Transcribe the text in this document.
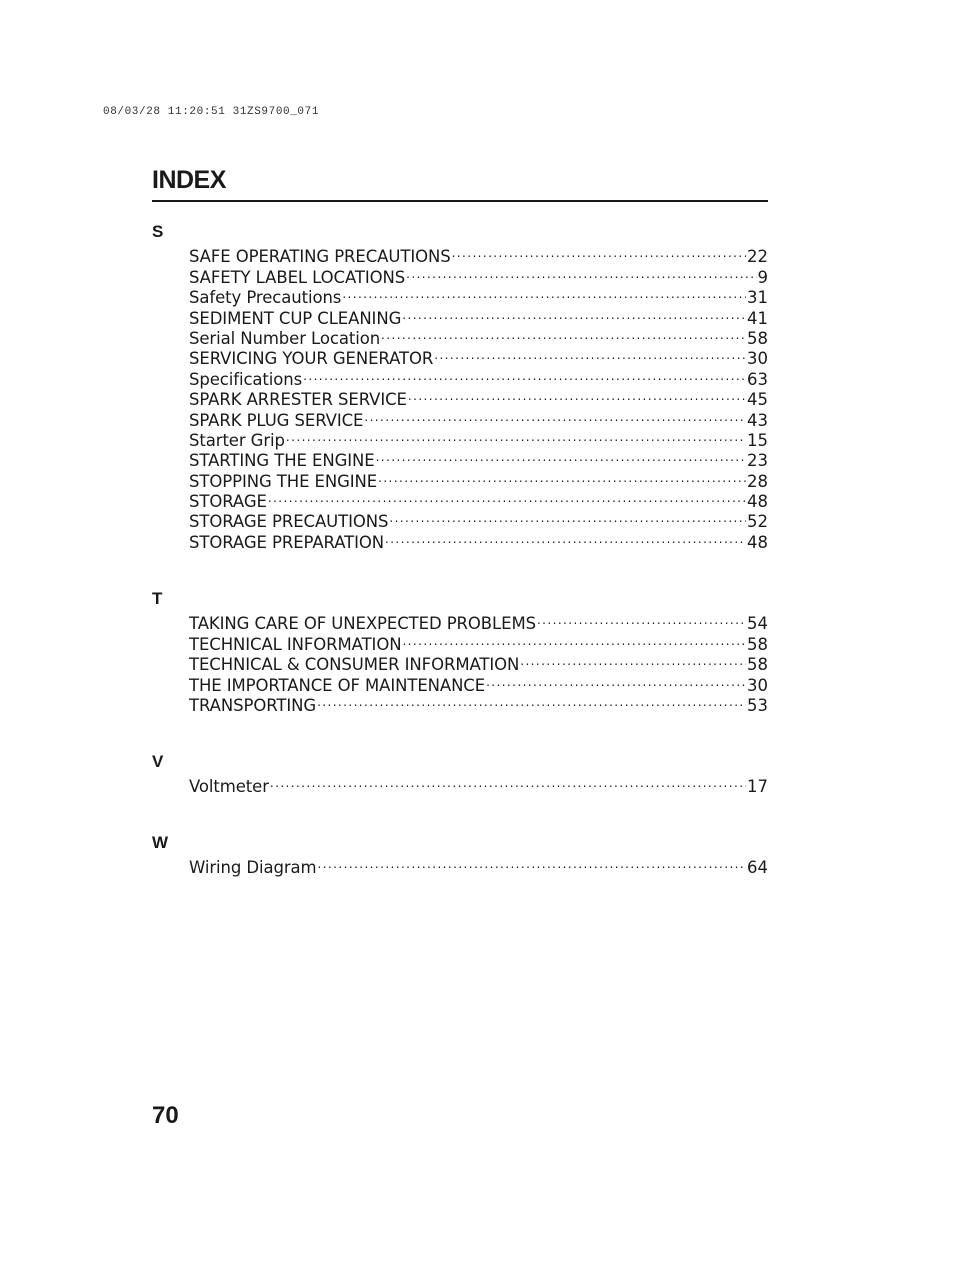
08/03/28 11:20:51 31ZS9700_071
INDEX
S
SAFE OPERATING PRECAUTIONS .....	22
SAFETY LABEL LOCATIONS .....	9
Safety Precautions .....	31
SEDIMENT CUP CLEANING .....	41
Serial Number Location .....	58
SERVICING YOUR GENERATOR .....	30
Specifications .....	63
SPARK ARRESTER SERVICE .....	45
SPARK PLUG SERVICE .....	43
Starter Grip .....	15
STARTING THE ENGINE .....	23
STOPPING THE ENGINE .....	28
STORAGE .....	48
STORAGE PRECAUTIONS .....	52
STORAGE PREPARATION .....	48
T
TAKING CARE OF UNEXPECTED PROBLEMS .....	54
TECHNICAL INFORMATION .....	58
TECHNICAL & CONSUMER INFORMATION .....	58
THE IMPORTANCE OF MAINTENANCE .....	30
TRANSPORTING .....	53
V
Voltmeter .....	17
W
Wiring Diagram .....	64
70
